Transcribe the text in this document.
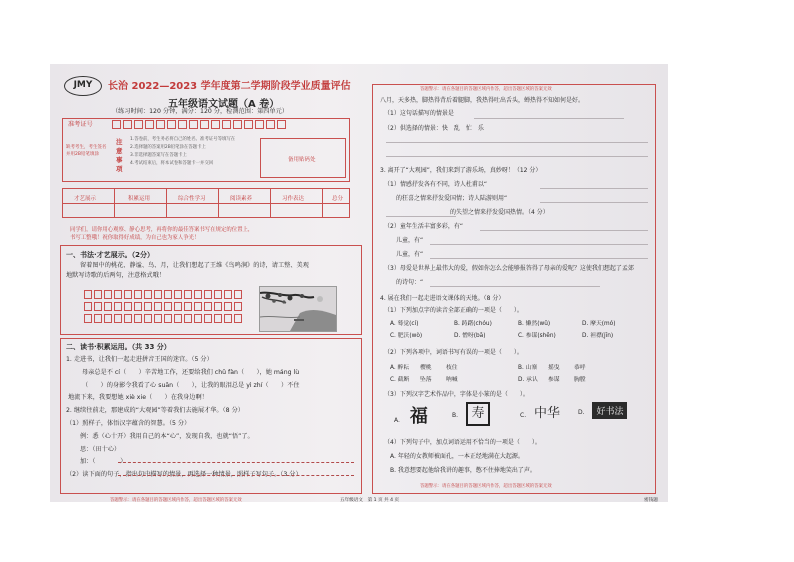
JMY	长治 2022—2023 学年度第二学期阶段学业质量评估
五年级语文试题（A 卷）
（练习时间：120 分钟，满分：120 分，检测范围：第四单元）
准考证号
缺考考生，考生签名
并用2B铅笔填涂
注意事项
1.答卷前，考生务必将自己的姓名、准考证号等填写在
2.选择题的答案用2B铅笔涂在答题卡上
3.非选择题答案写在答题卡上
4.考试结束后，将本试卷和答题卡一并交回
备用贴码处
才艺展示	积累运用	综合性学习	阅读素养	习作表达	总分
同学们，请你用心观察、静心思考，再将你的最佳答案书写在规定的位置上，
书写工整哦！祝你取得好成绩，为自己也为家人争光！
一、书法·才艺展示。（2分）
留着图中的桃花、静谧、鸟、月，让我们想起了王维《鸟鸣涧》的诗，请工整、美观
地默写诗歌的后两句，注意格式哦！
二、读书·积累运用。（共 33 分）
1. 走进书，让我们一起走进拼音王国的迷宫。（5 分）
母亲总是不 cí（　　）辛苦地工作，还要给我们 chǔ fàn（　　），她 máng lù
（　　）的身影令我看了心 suān（　　），让我的眼泪总是 yì zhí（　　）不住
地流下来，我要想她 xiè xie（　　）在我身边啊！
2. 继续往前走，那建成的“大观园”等着我们去施展才华。（8 分）
（1）照样子，体悟汉字蕴含的智慧。（5 分）
例：悉（心十开）我用自己的本“心”，发现自我，也就“悟”了。
思：（田十心）
加：（　　　　）
（2）读下面的句子，指出句中描写的情景，再选择一种情景，照样子写句子。（3 分）
答题警示：请在各题目的答题区域内作答，超出答题区域的答案无效	五年级语文　第 1 页 共 4 页
答题警示：请在各题目的答题区域内作答，超出答题区域的答案无效
八月，天多热，脚热得背后着腿脚，我热得吐出舌头，蝉热得不知如何是好。
（1）这句话描写的情景是
（2）供选择的情景：快　乱　忙　乐
3. 离开了“大观园”，我们来到了游乐场，真妙呀！（12 分）
（1）情感抒发各有不同，诗人杜甫以“
的狂喜之情来抒发爱国情；诗人陆游则用“
的失望之情来抒发爱国热情。（4 分）
（2）童年生活丰富多彩，有“
儿童，有“
儿童，有“
（3）母爱是世界上最伟大的爱，假如你怎么会能够报答得了母亲的爱呢？这使我们想起了孟郊
的诗句：“
4. 展在我们一起走进语文课体的天地。（8 分）
（1）下列加点字的读音全部正确的一项是（　　）。
（2）下列各项中，词语书写有误的一项是（　　）。
（3）下列汉字艺术作品中，字体是小篆的是（　　）。
（4）下列句子中，加点词语运用不恰当的一项是（　　）。
A. 年轻的女教师被面孔，一本正经地满在大起源。
B. 我意想要起他给我讲的趣事，憋不住捧地笑出了声。
A. 蓦觉(cí)	B. 踌躇(chóu)	B. 懒然(wǔ)	D. 摩天(mó)
C. 肥沃(wò)	D. 憎呀(bā)	C. 参谋(shēn)	D. 袒襟(jīn)
A. 醉耘 樱桃 枝住	B. 山寨 摇曳 恭呼
C. 截断 坠落 呐喊	D. 承认 参谋 胸膛
A. 福	B. 寿	C. 中华	D. 好书法
答题警示：请在各题目的答题区域内作答，超出答题区域的答案无效
密钱题
